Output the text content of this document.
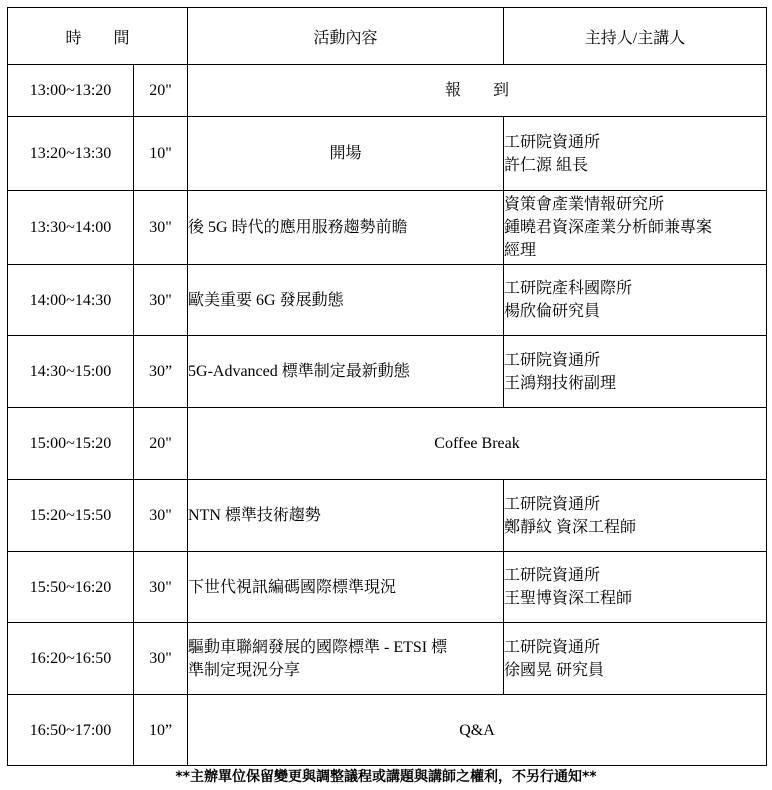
時　　間		活動內容	主持人/主講人
13:00~13:20	20"	報　　到	
13:20~13:30	10"	開場	工研院資通所
許仁源 組長

13:30~14:00	30"	後 5G 時代的應用服務趨勢前瞻	資策會產業情報研究所
鍾曉君資深產業分析師兼專案
經理

14:00~14:30	30"	歐美重要 6G 發展動態	工研院產科國際所
楊欣倫研究員

14:30~15:00	30”	5G-Advanced 標準制定最新動態	工研院資通所
王鴻翔技術副理

15:00~15:20	20"	Coffee Break	
15:20~15:50	30"	NTN 標準技術趨勢	工研院資通所
鄭靜紋 資深工程師

15:50~16:20	30"	下世代視訊編碼國際標準現況	工研院資通所
王聖博資深工程師

16:20~16:50	30"	驅動車聯網發展的國際標準 - ETSI 標
準制定現況分享	工研院資通所
徐國晃 研究員

16:50~17:00	10”	Q&A	
**主辦單位保留變更與調整議程或講題與講師之權利，不另行通知**
